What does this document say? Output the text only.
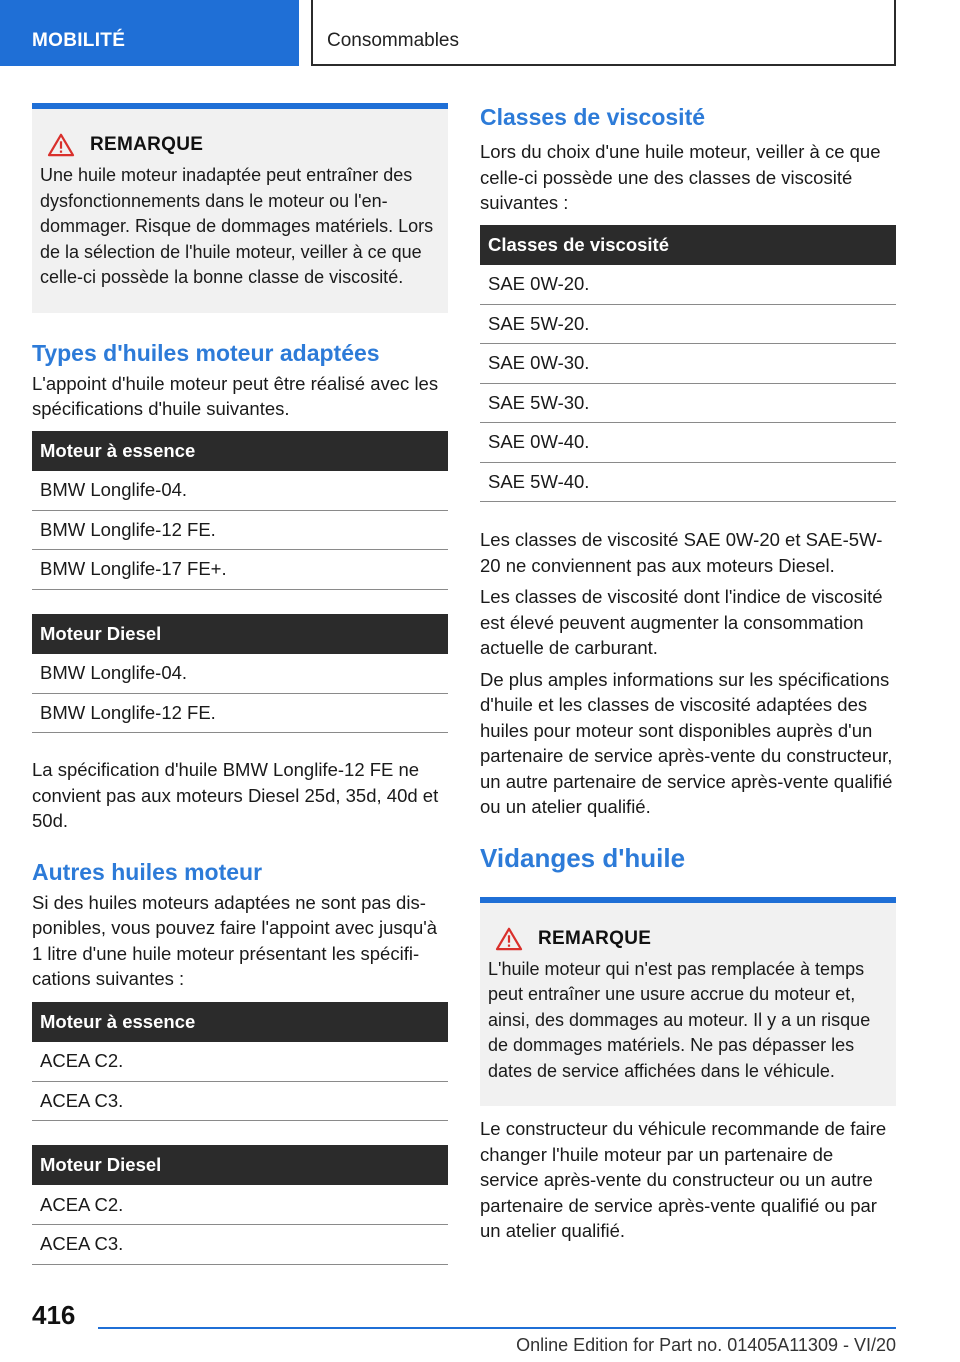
MOBILITÉ	Consommables
REMARQUE
Une huile moteur inadaptée peut entraîner des dysfonctionnements dans le moteur ou l'endommager. Risque de dommages matériels. Lors de la sélection de l'huile moteur, veiller à ce que celle-ci possède la bonne classe de viscosité.
Types d'huiles moteur adaptées

L'appoint d'huile moteur peut être réalisé avec les spécifications d'huile suivantes.

Moteur à essence
BMW Longlife-04.
BMW Longlife-12 FE.
BMW Longlife-17 FE+.
Moteur Diesel
BMW Longlife-04.
BMW Longlife-12 FE.

La spécification d'huile BMW Longlife-12 FE ne convient pas aux moteurs Diesel 25d, 35d, 40d et 50d.

Autres huiles moteur

Si des huiles moteurs adaptées ne sont pas disponibles, vous pouvez faire l'appoint avec jusqu'à 1 litre d'une huile moteur présentant les spécifications suivantes :

Moteur à essence
ACEA C2.
ACEA C3.
Moteur Diesel
ACEA C2.
ACEA C3.
Classes de viscosité

Lors du choix d'une huile moteur, veiller à ce que celle-ci possède une des classes de viscosité suivantes :

Classes de viscosité
SAE 0W-20.
SAE 5W-20.
SAE 0W-30.
SAE 5W-30.
SAE 0W-40.
SAE 5W-40.

Les classes de viscosité SAE 0W-20 et SAE-5W-20 ne conviennent pas aux moteurs Diesel.

Les classes de viscosité dont l'indice de viscosité est élevé peuvent augmenter la consommation actuelle de carburant.

De plus amples informations sur les spécifications d'huile et les classes de viscosité adaptées des huiles pour moteur sont disponibles auprès d'un partenaire de service après-vente du constructeur, un autre partenaire de service après-vente qualifié ou un atelier qualifié.

Vidanges d'huile
REMARQUE
L'huile moteur qui n'est pas remplacée à temps peut entraîner une usure accrue du moteur et, ainsi, des dommages au moteur. Il y a un risque de dommages matériels. Ne pas dépasser les dates de service affichées dans le véhicule.

Le constructeur du véhicule recommande de faire changer l'huile moteur par un partenaire de service après-vente du constructeur ou un autre partenaire de service après-vente qualifié ou par un atelier qualifié.

416
Online Edition for Part no. 01405A11309 - VI/20
